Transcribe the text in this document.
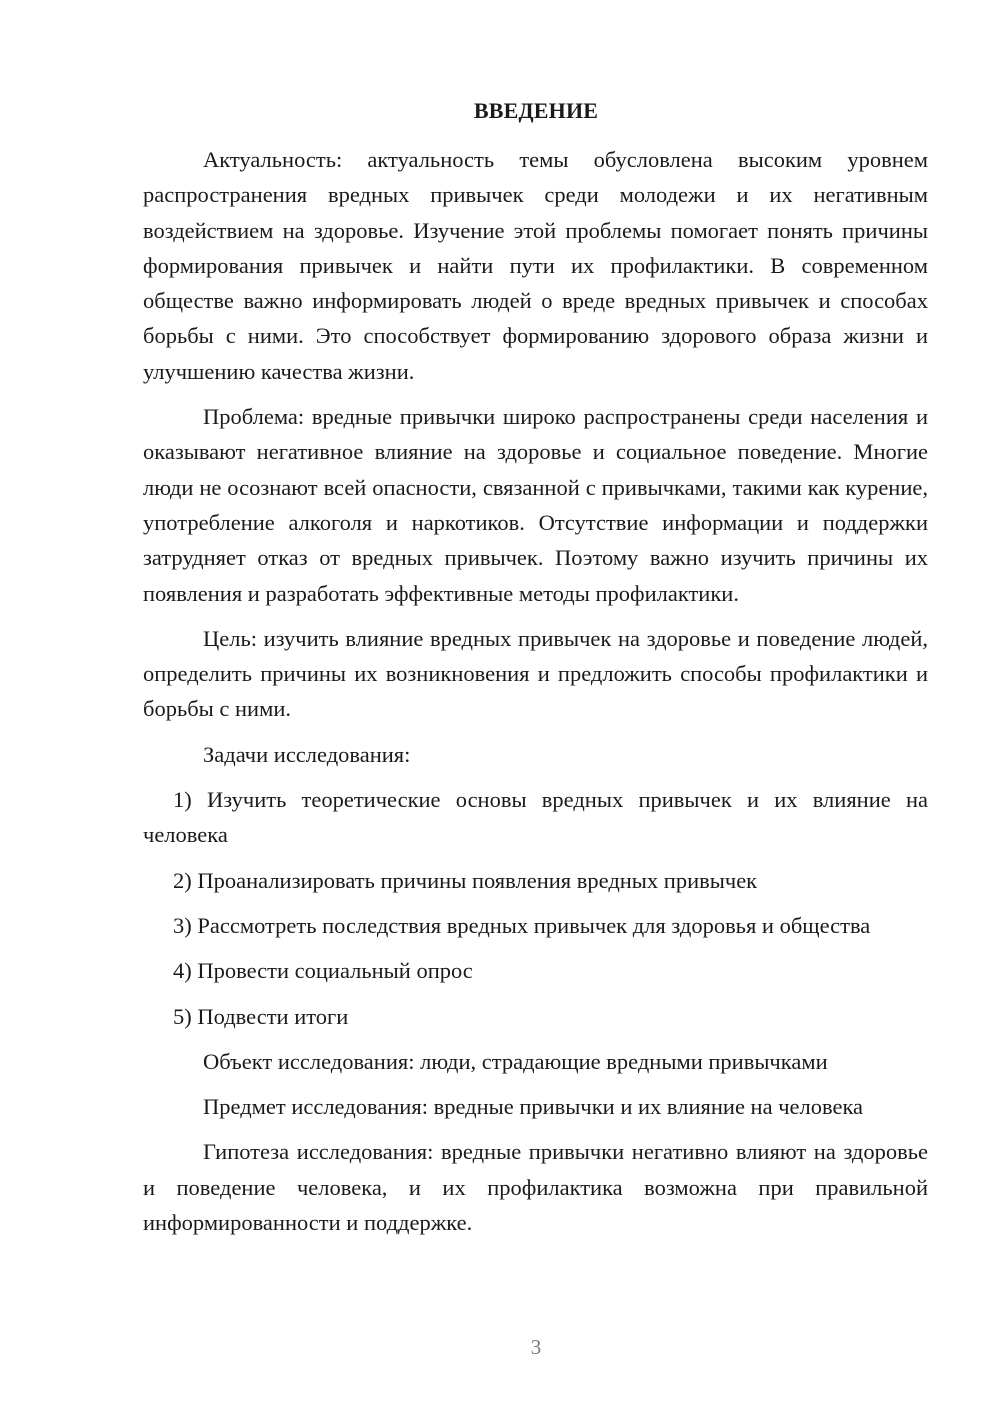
ВВЕДЕНИЕ

Актуальность: актуальность темы обусловлена высоким уровнем распространения вредных привычек среди молодежи и их негативным воздействием на здоровье. Изучение этой проблемы помогает понять причины формирования привычек и найти пути их профилактики. В современном обществе важно информировать людей о вреде вредных привычек и способах борьбы с ними. Это способствует формированию здорового образа жизни и улучшению качества жизни.

Проблема: вредные привычки широко распространены среди населения и оказывают негативное влияние на здоровье и социальное поведение. Многие люди не осознают всей опасности, связанной с привычками, такими как курение, употребление алкоголя и наркотиков. Отсутствие информации и поддержки затрудняет отказ от вредных привычек. Поэтому важно изучить причины их появления и разработать эффективные методы профилактики.

Цель: изучить влияние вредных привычек на здоровье и поведение людей, определить причины их возникновения и предложить способы профилактики и борьбы с ними.

Задачи исследования:

1) Изучить теоретические основы вредных привычек и их влияние на человека

2) Проанализировать причины появления вредных привычек

3) Рассмотреть последствия вредных привычек для здоровья и общества

4) Провести социальный опрос

5) Подвести итоги

Объект исследования: люди, страдающие вредными привычками

Предмет исследования: вредные привычки и их влияние на человека

Гипотеза исследования: вредные привычки негативно влияют на здоровье и поведение человека, и их профилактика возможна при правильной информированности и поддержке.

3
